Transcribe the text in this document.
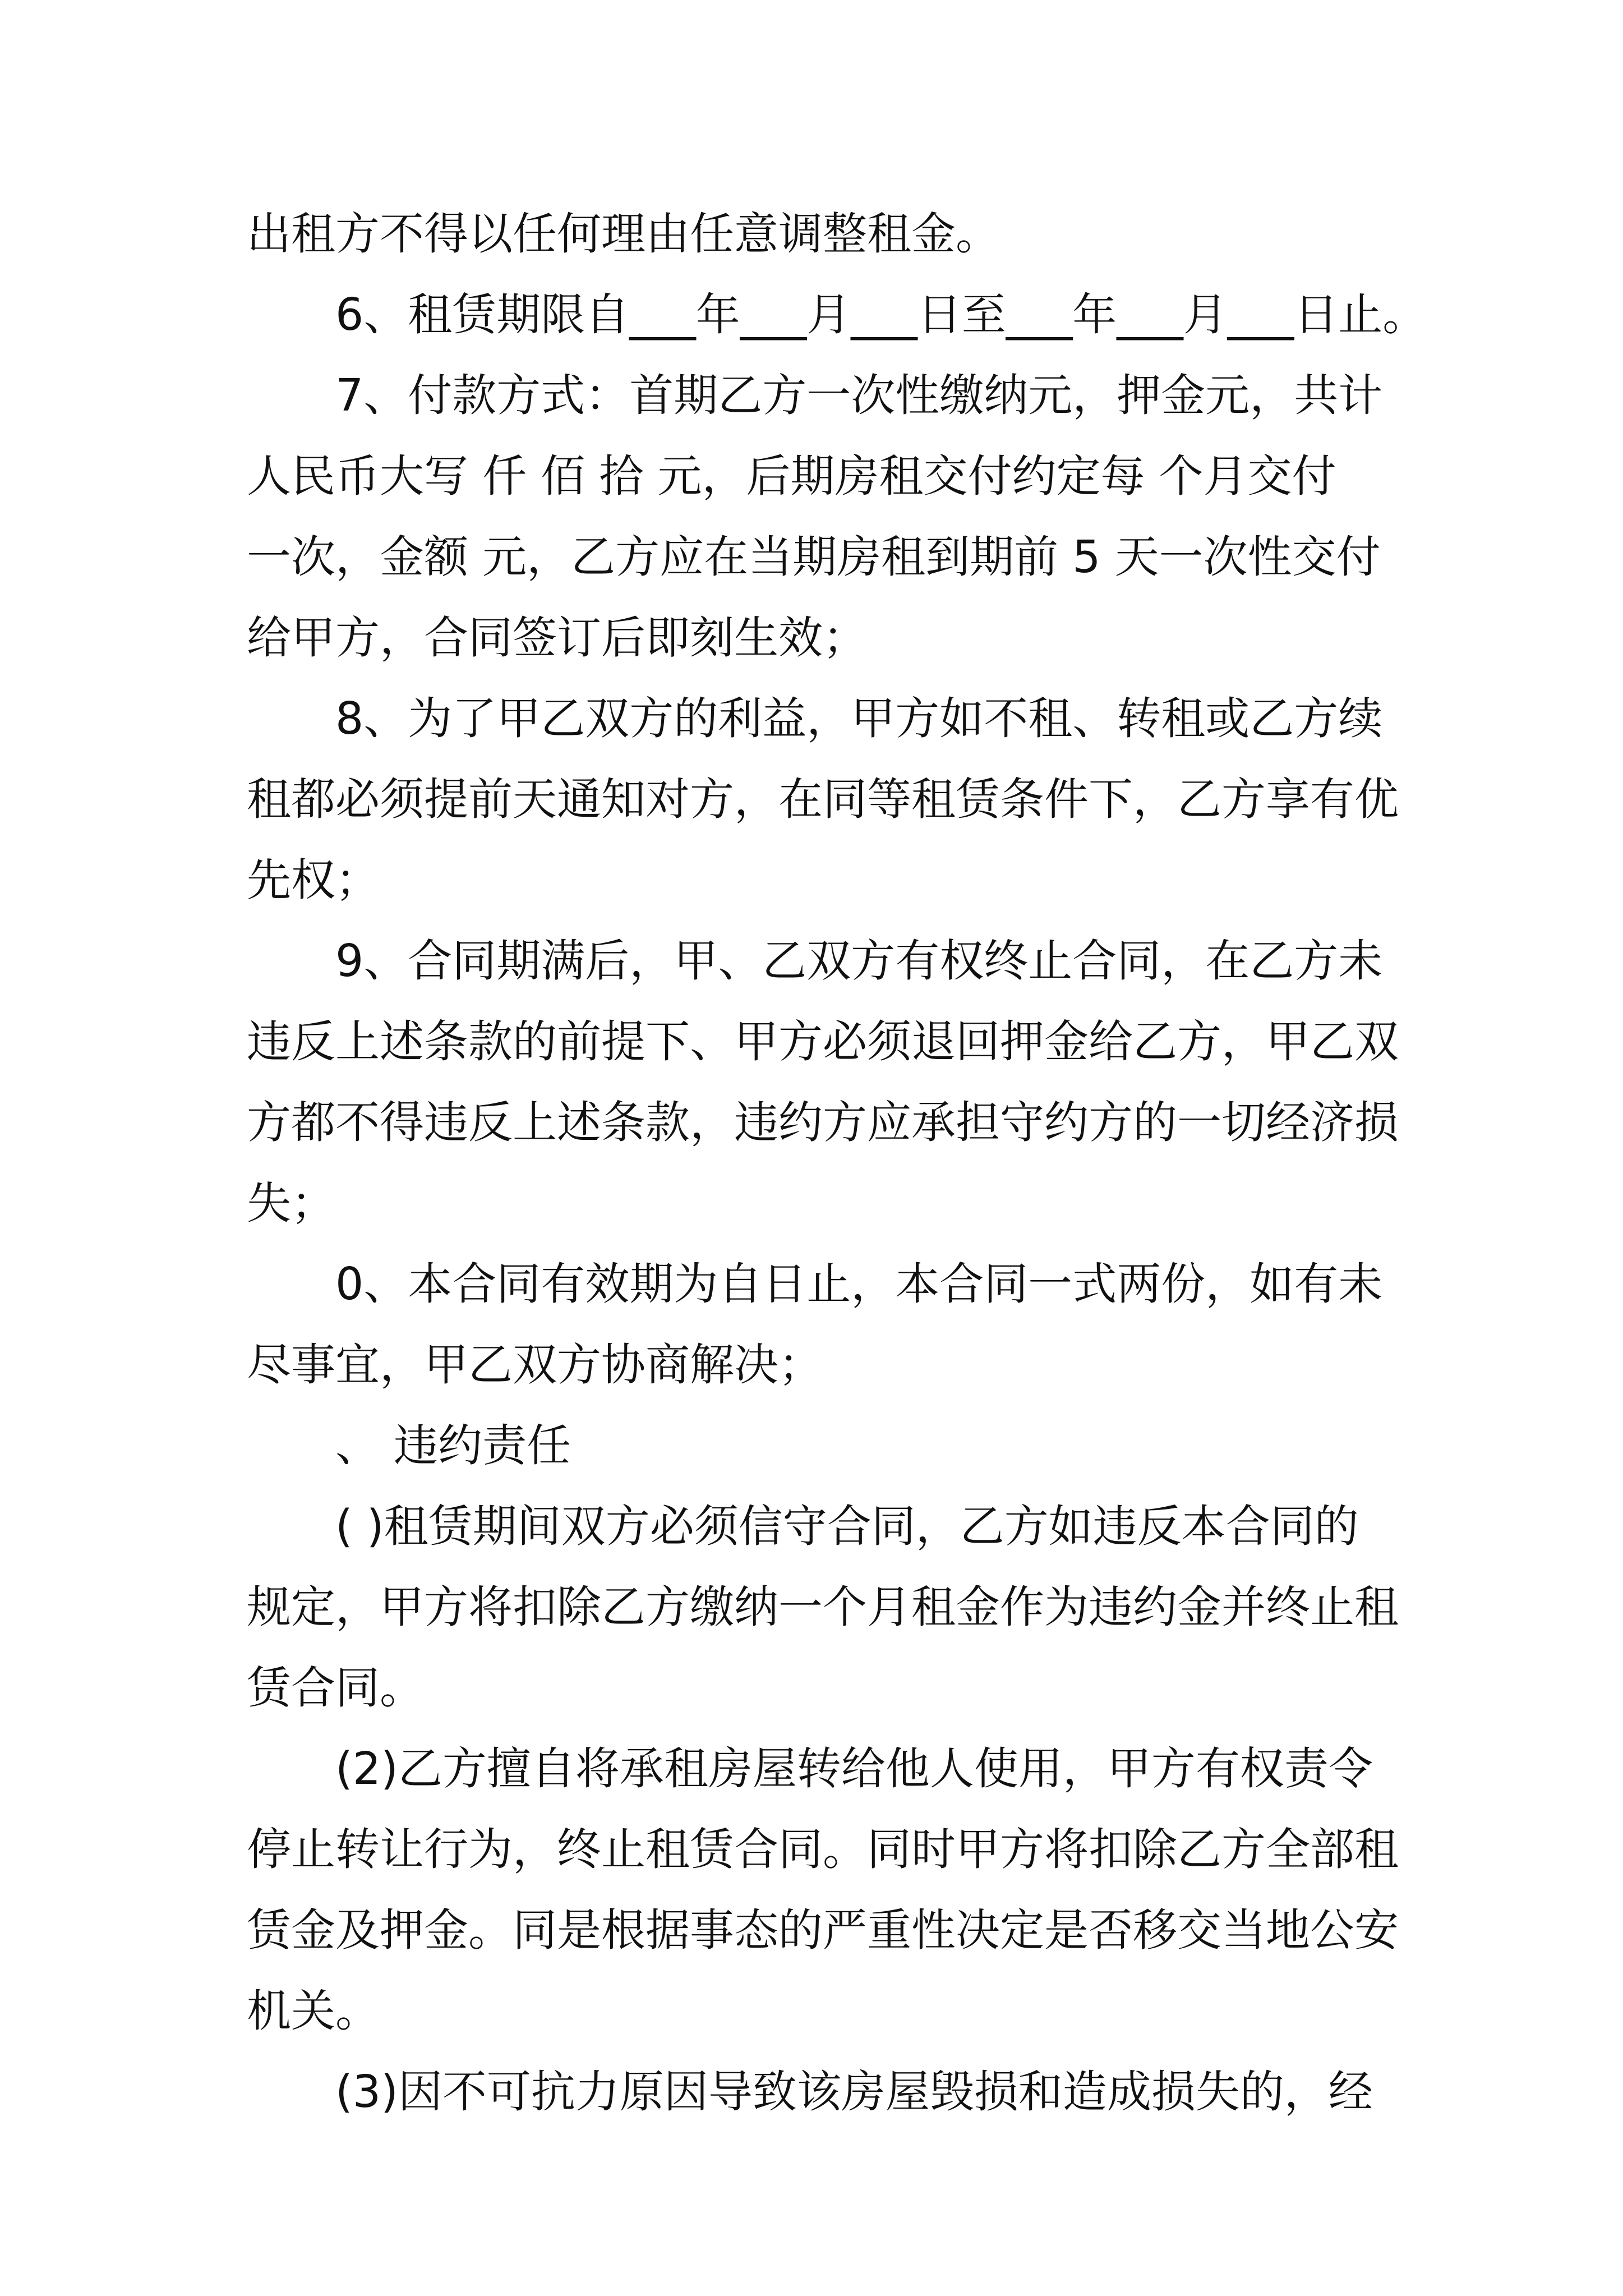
出租方不得以任何理由任意调整租金。
6、租赁期限自___年___月___日至___年___月___日止。
7、付款方式：首期乙方一次性缴纳元，押金元，共计
人民币大写 仟 佰 拾 元，后期房租交付约定每 个月交付
一次，金额 元，乙方应在当期房租到期前 5 天一次性交付
给甲方，合同签订后即刻生效；
8、为了甲乙双方的利益，甲方如不租、转租或乙方续
租都必须提前天通知对方，在同等租赁条件下，乙方享有优
先权；
9、合同期满后，甲、乙双方有权终止合同，在乙方未
违反上述条款的前提下、甲方必须退回押金给乙方，甲乙双
方都不得违反上述条款，违约方应承担守约方的一切经济损
失；
0、本合同有效期为自日止，本合同一式两份，如有未
尽事宜，甲乙双方协商解决；
、 违约责任
( )租赁期间双方必须信守合同，乙方如违反本合同的
规定，甲方将扣除乙方缴纳一个月租金作为违约金并终止租
赁合同。
(2)乙方擅自将承租房屋转给他人使用，甲方有权责令
停止转让行为，终止租赁合同。同时甲方将扣除乙方全部租
赁金及押金。同是根据事态的严重性决定是否移交当地公安
机关。
(3)因不可抗力原因导致该房屋毁损和造成损失的，经
